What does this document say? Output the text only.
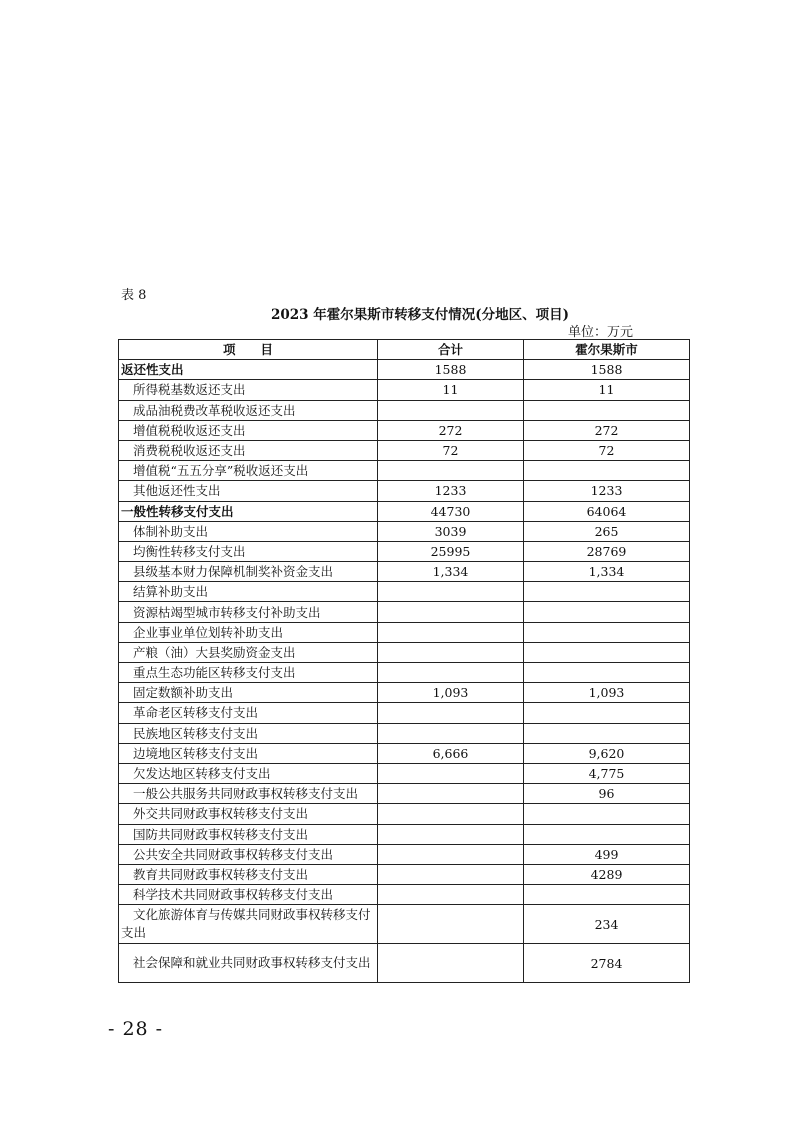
表 8
2023 年霍尔果斯市转移支付情况(分地区、项目)
单位：万元
项　　目	合计	霍尔果斯市
返还性支出	1588	1588
所得税基数返还支出	11	11
成品油税费改革税收返还支出		
增值税税收返还支出	272	272
消费税税收返还支出	72	72
增值税“五五分享”税收返还支出		
其他返还性支出	1233	1233
一般性转移支付支出	44730	64064
体制补助支出	3039	265
均衡性转移支付支出	25995	28769
县级基本财力保障机制奖补资金支出	1,334	1,334
结算补助支出		
资源枯竭型城市转移支付补助支出		
企业事业单位划转补助支出		
产粮（油）大县奖励资金支出		
重点生态功能区转移支付支出		
固定数额补助支出	1,093	1,093
革命老区转移支付支出		
民族地区转移支付支出		
边境地区转移支付支出	6,666	9,620
欠发达地区转移支付支出		4,775
一般公共服务共同财政事权转移支付支出		96
外交共同财政事权转移支付支出		
国防共同财政事权转移支付支出		
公共安全共同财政事权转移支付支出		499
教育共同财政事权转移支付支出		4289
科学技术共同财政事权转移支付支出		
文化旅游体育与传媒共同财政事权转移支付支出		234
社会保障和就业共同财政事权转移支付支出		2784
- 28 -
